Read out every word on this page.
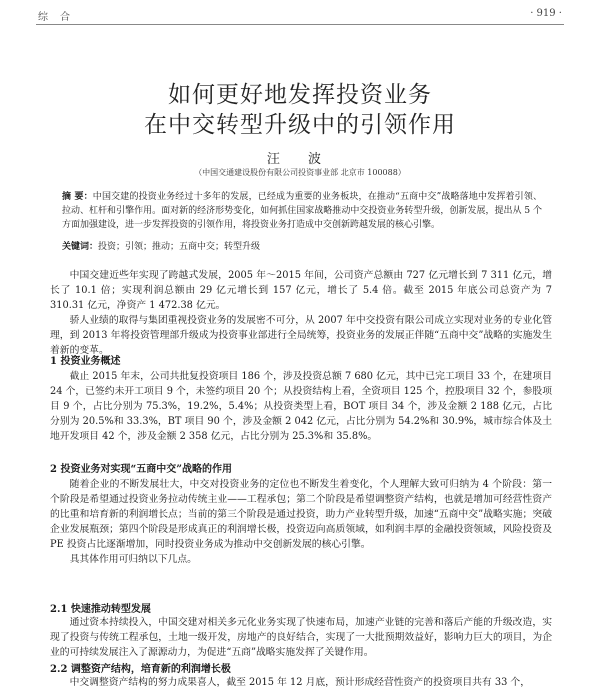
综合	· 919 ·
如何更好地发挥投资业务
在中交转型升级中的引领作用
汪 波
（中国交通建设股份有限公司投资事业部 北京市 100088）
摘 要：中国交建的投资业务经过十多年的发展，已经成为重要的业务板块，在推动“五商中交”战略落地中发挥着引领、拉动、杠杆和引擎作用。面对新的经济形势变化，如何抓住国家战略推动中交投资业务转型升级，创新发展，提出从 5 个方面加强建设，进一步发挥投资的引领作用，将投资业务打造成中交创新跨越发展的核心引擎。
关键词：投资；引领；推动；五商中交；转型升级

中国交建近些年实现了跨越式发展，2005 年～2015 年间，公司资产总额由 727 亿元增长到 7 311 亿元，增长了 10.1 倍；实现利润总额由 29 亿元增长到 157 亿元，增长了 5.4 倍。截至 2015 年底公司总资产为 7 310.31 亿元，净资产 1 472.38 亿元。

骄人业绩的取得与集团重视投资业务的发展密不可分，从 2007 年中交投资有限公司成立实现对业务的专业化管理，到 2013 年将投资管理部升级成为投资事业部进行全局统筹，投资业务的发展正伴随“五商中交”战略的实施发生着新的变革。

1 投资业务概述

截止 2015 年末，公司共批复投资项目 186 个，涉及投资总额 7 680 亿元，其中已完工项目 33 个，在建项目 24 个，已签约未开工项目 9 个，未签约项目 20 个；从投资结构上看，全资项目 125 个，控股项目 32 个，参股项目 9 个，占比分别为 75.3%，19.2%，5.4%；从投资类型上看，BOT 项目 34 个，涉及金额 2 188 亿元，占比分别为 20.5%和 33.3%，BT 项目 90 个，涉及金额 2 042 亿元，占比分别为 54.2%和 30.9%，城市综合体及土地开发项目 42 个，涉及金额 2 358 亿元，占比分别为 25.3%和 35.8%。

2 投资业务对实现“五商中交”战略的作用

随着企业的不断发展壮大，中交对投资业务的定位也不断发生着变化，个人理解大致可归纳为 4 个阶段：第一个阶段是希望通过投资业务拉动传统主业——工程承包；第二个阶段是希望调整资产结构，也就是增加可经营性资产的比重和培育新的利润增长点；当前的第三个阶段是通过投资，助力产业转型升级，加速“五商中交”战略实施；突破企业发展瓶颈；第四个阶段是形成真正的利润增长极，投资迈向高质领域，如利润丰厚的金融投资领域，风险投资及 PE 投资占比逐渐增加，同时投资业务成为推动中交创新发展的核心引擎。

具其体作用可归纳以下几点。

2.1 快速推动转型发展

通过资本持续投入，中国交建对相关多元化业务实现了快速布局，加速产业链的完善和落后产能的升级改造，实现了投资与传统工程承包，土地一级开发，房地产的良好结合，实现了一大批预期效益好，影响力巨大的项目，为企业的可持续发展注入了源源动力，为促进“五商”战略实施发挥了关键作用。

2.2 调整资产结构，培育新的利润增长极

中交调整资产结构的努力成果喜人，截至 2015 年 12 月底，预计形成经营性资产的投资项目共有 33 个，
